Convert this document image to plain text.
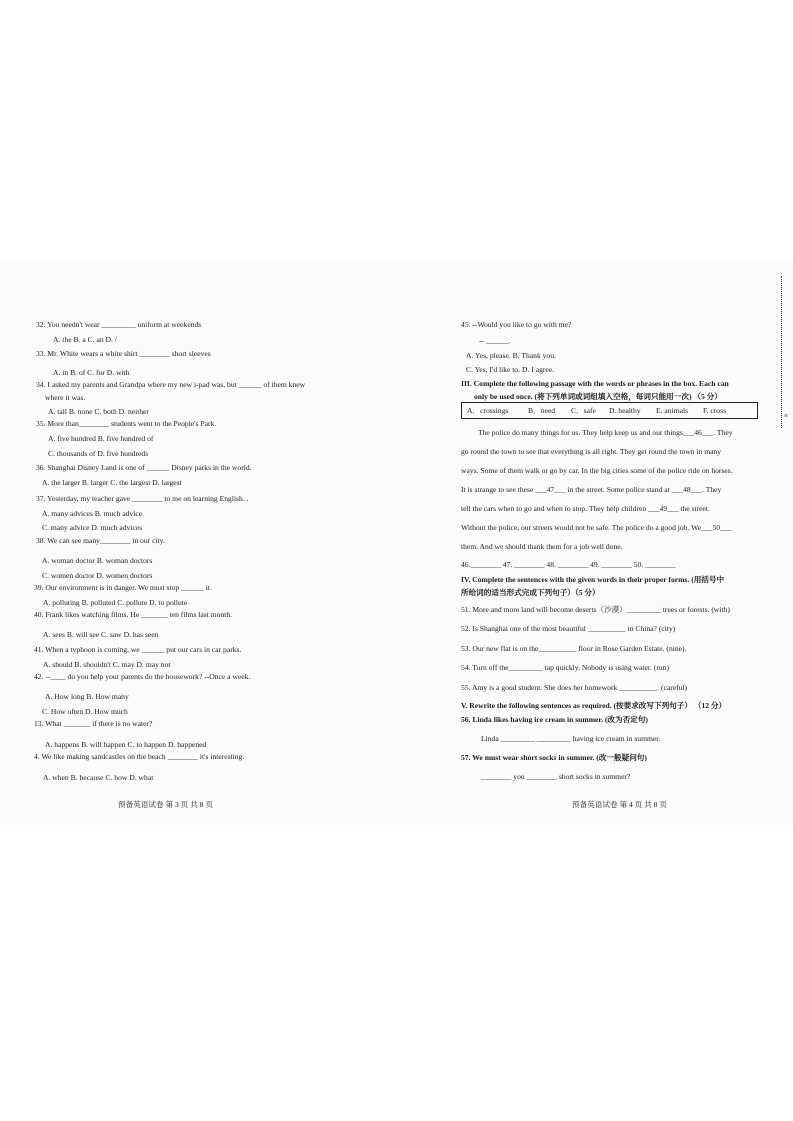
≡
32. You needn't wear _________ uniform at weekends
A. the B. a C. an D. /
33. Mr. White wears a white shirt ________ short sleeves
A. in B. of C. for D. with
34. I asked my parents and Grandpa where my new i-pad was, but ______ of them knew
where it was.
A. tall B. none C. both D. neither
35. More than________ students went to the People's Park.
A. five hundred B. five hundred of
C. thousands of D. five hundreds
36. Shanghai Disney Land is one of ______ Disney parks in the world.
A. the larger B. larger C. the largest D. largest
37. Yesterday, my teacher gave ________ to me on learning English. .
A. many advices B. much advice
C. many advice D. much advices
38. We can see many________ in our city.
A. woman doctor B. woman doctors
C. women doctor D. women doctors
39. Our environment is in danger. We must stop ______ it.
A. polluting B. polluted C. pollute D. to pollute
40. Frank likes watching films. He _______ ten films last month.
A. sees B. will see C. saw D. has seen
41. When a typhoon is coming, we ______ put our cars in car parks.
A. should B. shouldn't C. may D. may not
42. --____ do you help your parents do the housework? --Once a week.
A. How long B. How many
C. How often D. How much
13. What _______ if there is no water?
A. happens B. will happen C. to happen D. happened
4. We like making sandcastles on the beach ________ it's interesting.
A. when B. because C. how D. what
45. --Would you like to go with me?
-- ______.
A. Yes, please. B. Thank you.
C. Yes, I'd like to. D. I agree.
III. Complete the following passage with the words or phrases in the box. Each can
only be used once. (将下列单词或词组填入空格，每词只能用一次) （5 分）
The police do many things for us. They help keep us and our things___46___. They
go round the town to see that everything is all right. They get round the town in many
ways. Some of them walk or go by car. In the big cities some of the police ride on horses.
It is strange to see these ___47___ in the street. Some police stand at ___48___. They
tell the cars when to go and when to stop. They help children ___49___ the street.
Without the police, our streets would not be safe. The police do a good job. We___50___
them. And we should thank them for a job well done.
46.________ 47. ________ 48. ________ 49. ________ 50. ________
IV. Complete the sentences with the given words in their proper forms. (用括号中
所给词的适当形式完成下列句子）（5 分）
51. More and more land will become deserts（沙漠）_________ trees or forests. (with)
52. Is Shanghai one of the most beautiful __________ in China? (city)
53. Our new flat is on the__________ floor in Rose Garden Estate. (nine).
54. Turn off the_________ tap quickly. Nobody is using water. (run)
55. Amy is a good student. She does her homework __________. (careful)
V. Rewrite the following sentences as required. (按要求改写下列句子） （12 分）
56. Linda likes having ice cream in summer. (改为否定句)
Linda _________ _________ having ice cream in summer.
57. We must wear short socks in summer. (改一般疑问句)
________ you ________ short socks in summer?
A．crossings	B．need C．safe D. healthy E. animals F. cross
预备英语试卷 第 3 页 共 8 页	预备英语试卷 第 4 页 共 8 页
